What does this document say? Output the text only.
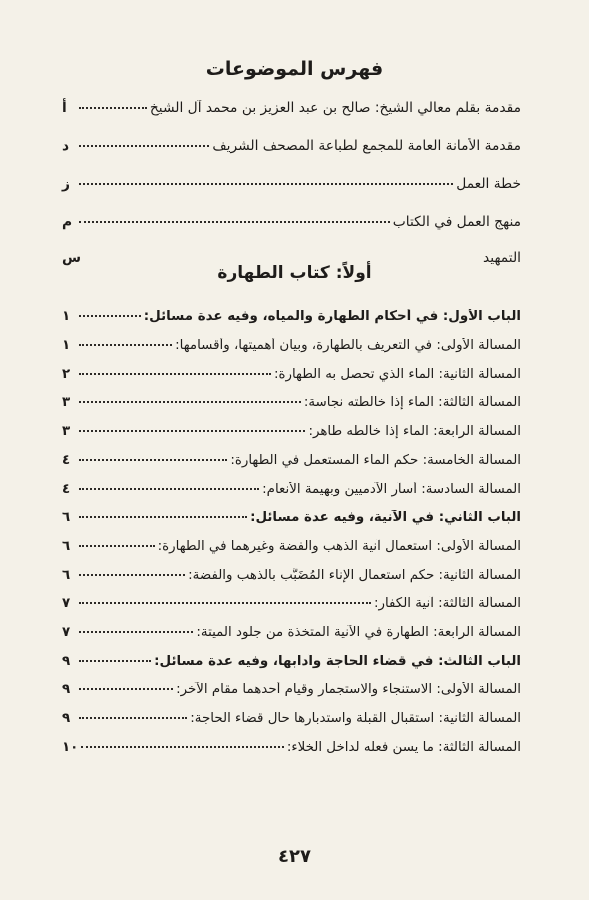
فهرس الموضوعات
مقدمة بقلم معالي الشيخ: صالح بن عبد العزيز بن محمد آل الشيخ
أ
مقدمة الأمانة العامة للمجمع لطباعة المصحف الشريف
د
خطة العمل
ز
منهج العمل في الكتاب
م
التمهيد
س
أولاً: كتاب الطهارة
الباب الأول: في أحكام الطهارة والمياه، وفيه عدة مسائل:
١
المسألة الأولى: في التعريف بالطهارة، وبيان أهميتها، وأقسامها:
١
المسألة الثانية: الماء الذي تحصل به الطهارة:
٢
المسألة الثالثة: الماء إذا خالطته نجاسة:
٣
المسألة الرابعة: الماء إذا خالطه طاهر:
٣
المسألة الخامسة: حكم الماء المستعمل في الطهارة:
٤
المسألة السادسة: أسآر الآدميين وبهيمة الأنعام:
٤
الباب الثاني: في الآنية، وفيه عدة مسائل:
٦
المسألة الأولى: استعمال آنية الذهب والفضة وغيرهما في الطهارة:
٦
المسألة الثانية: حكم استعمال الإناء المُضَبَّب بالذهب والفضة:
٦
المسألة الثالثة: آنية الكفار:
٧
المسألة الرابعة: الطهارة في الآنية المتخذة من جلود الميتة:
٧
الباب الثالث: في قضاء الحاجة وآدابها، وفيه عدة مسائل:
٩
المسألة الأولى: الاستنجاء والاستجمار وقيام أحدهما مقام الآخر:
٩
المسألة الثانية: استقبال القبلة واستدبارها حال قضاء الحاجة:
٩
المسألة الثالثة: ما يسن فعله لداخل الخلاء:
١٠
٤٢٧
